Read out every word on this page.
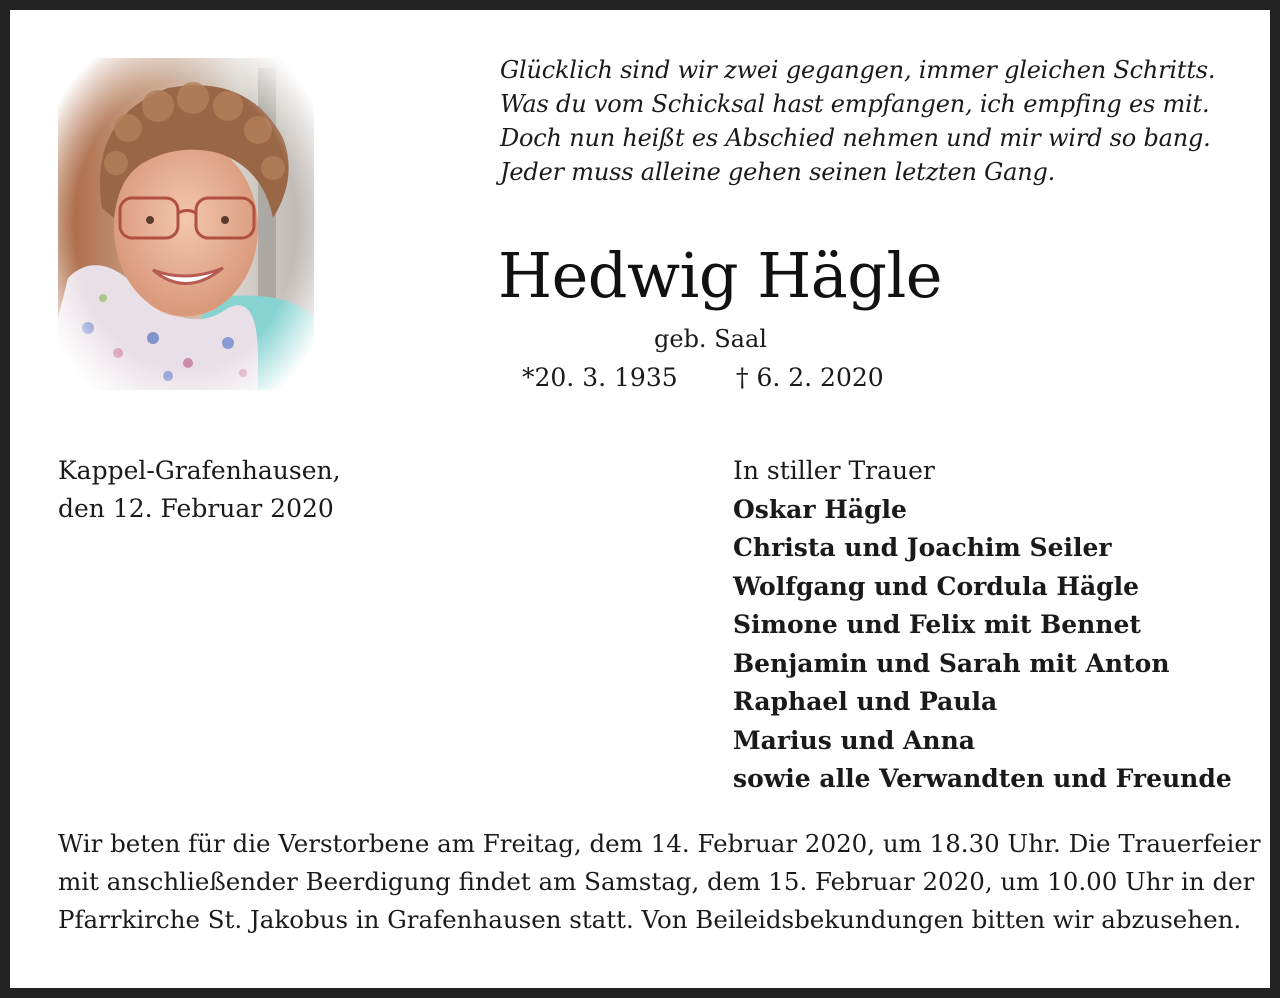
Glücklich sind wir zwei gegangen, immer gleichen Schritts.
Was du vom Schicksal hast empfangen, ich empfing es mit.
Doch nun heißt es Abschied nehmen und mir wird so bang.
Jeder muss alleine gehen seinen letzten Gang.
Hedwig Hägle
geb. Saal
*20. 3. 1935 † 6. 2. 2020
Kappel-Grafenhausen,
den 12. Februar 2020
In stiller Trauer
Oskar Hägle
Christa und Joachim Seiler
Wolfgang und Cordula Hägle
Simone und Felix mit Bennet
Benjamin und Sarah mit Anton
Raphael und Paula
Marius und Anna
sowie alle Verwandten und Freunde
Wir beten für die Verstorbene am Freitag, dem 14. Februar 2020, um 18.30 Uhr. Die Trauerfeier
mit anschließender Beerdigung findet am Samstag, dem 15. Februar 2020, um 10.00 Uhr in der
Pfarrkirche St. Jakobus in Grafenhausen statt. Von Beileidsbekundungen bitten wir abzusehen.
